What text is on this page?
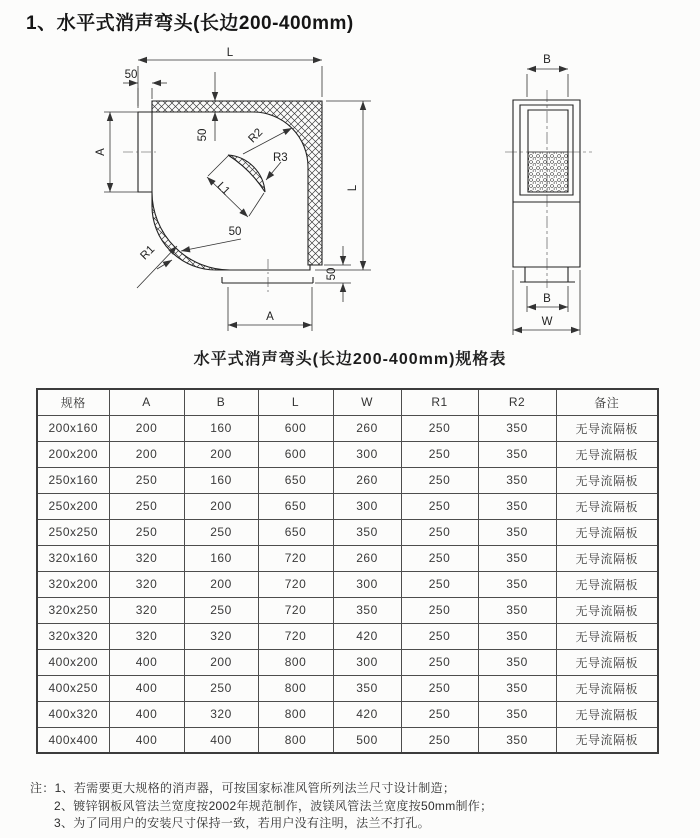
1、水平式消声弯头(长边200-400mm)
L
50
A
50	R2
R3
L1
50
R1
A
50
L
B
B
W
水平式消声弯头(长边200-400mm)规格表
规格	A	B	L	W	R1	R2	备注
200x160	200	160	600	260	250	350	无导流隔板
200x200	200	200	600	300	250	350	无导流隔板
250x160	250	160	650	260	250	350	无导流隔板
250x200	250	200	650	300	250	350	无导流隔板
250x250	250	250	650	350	250	350	无导流隔板
320x160	320	160	720	260	250	350	无导流隔板
320x200	320	200	720	300	250	350	无导流隔板
320x250	320	250	720	350	250	350	无导流隔板
320x320	320	320	720	420	250	350	无导流隔板
400x200	400	200	800	300	250	350	无导流隔板
400x250	400	250	800	350	250	350	无导流隔板
400x320	400	320	800	420	250	350	无导流隔板
400x400	400	400	800	500	250	350	无导流隔板
注：1、若需要更大规格的消声器，可按国家标准风管所列法兰尺寸设计制造；
2、镀锌钢板风管法兰宽度按2002年规范制作，波镁风管法兰宽度按50mm制作；
3、为了同用户的安装尺寸保持一致，若用户没有注明，法兰不打孔。
